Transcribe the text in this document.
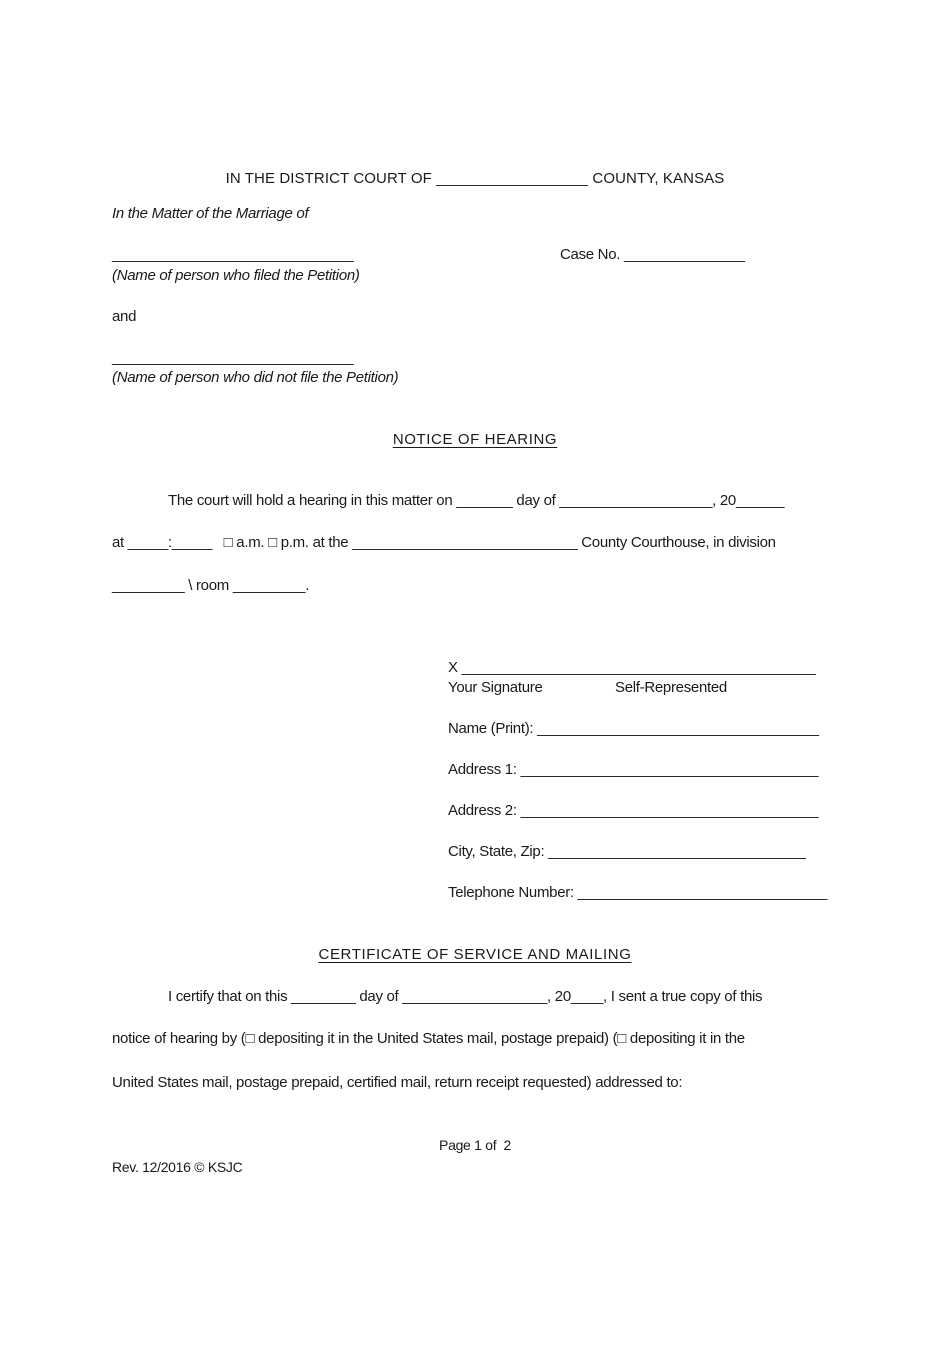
IN THE DISTRICT COURT OF __________________ COUNTY, KANSAS
In the Matter of the Marriage of
______________________________	Case No. _______________
(Name of person who filed the Petition)
and
______________________________
(Name of person who did not file the Petition)
NOTICE OF HEARING
The court will hold a hearing in this matter on _______ day of ___________________, 20______
at _____:_____   □ a.m. □ p.m. at the ____________________________ County Courthouse, in division
_________ \ room _________.
X ____________________________________________
Your Signature	Self-Represented
Name (Print): ___________________________________
Address 1: _____________________________________
Address 2: _____________________________________
City, State, Zip: ________________________________
Telephone Number: _______________________________
CERTIFICATE OF SERVICE AND MAILING
I certify that on this ________ day of __________________, 20____, I sent a true copy of this
notice of hearing by (□ depositing it in the United States mail, postage prepaid) (□ depositing it in the
United States mail, postage prepaid, certified mail, return receipt requested) addressed to:
Page 1 of  2
Rev. 12/2016 © KSJC
